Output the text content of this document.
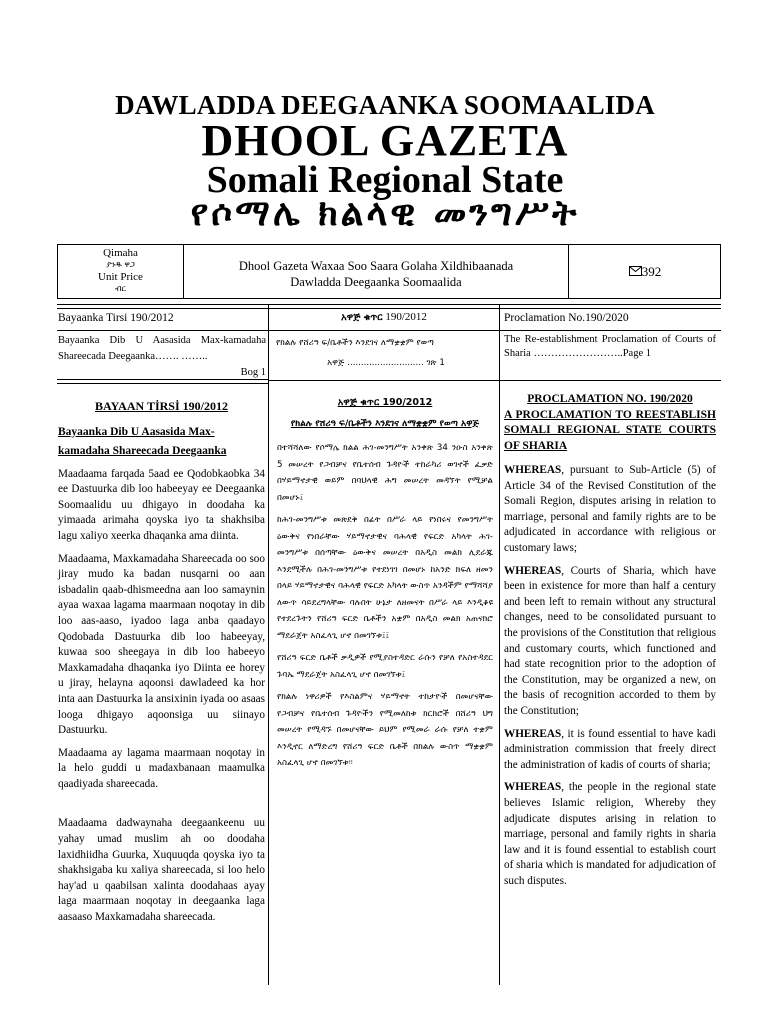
DAWLADDA DEEGAANKA SOOMAALIDA
DHOOL GAZETA
Somali Regional State
የሶማሌ ክልላዊ መንግሥት
Qimaha
ያንዱ ዋጋ
Unit Price
ብር
Dhool Gazeta Waxaa Soo Saara Golaha Xildhibaanada
Dawladda Deegaanka Soomaalida
392
Bayaanka Tirsi 190/2012
Bayaanka Dib U Aasasida Max-kamadaha Shareecada Deegaanka……. ……..
Bog 1
አዋጅ ቁጥር 190/2012
የክልሉ የሸሪዓ ፍ/ቤቶችን እንደገና ለማቋቋም የወጣ
አዋጅ ............................ ገጽ 1
Proclamation No.190/2020
The Re-establishment Proclamation of Courts of Sharia ……………………..Page 1

BAYAAN TİRSİ 190/2012

Bayaanka Dib U Aasasida Max-kamadaha Shareecada Deegaanka

Maadaama farqada 5aad ee Qodobkaobka 34 ee Dastuurka dib loo habeeyay ee Deegaanka Soomaalidu uu dhigayo in doodaha ka yimaada arimaha qoyska iyo ta shakhsiba lagu xaliyo xeerka dhaqanka ama diinta.

Maadaama, Maxkamadaha Shareecada oo soo jiray mudo ka badan nusqarni oo aan isbadalin qaab-dhismeedna aan loo samaynin ayaa waxaa lagama maarmaan noqotay in dib loo aas-aaso, iyadoo laga anba qaadayo Qodobada Dastuurka dib loo habeeyay, kuwaa soo sheegaya in dib loo habeeyo Maxkamadaha dhaqanka iyo Diinta ee horey u jiray, helayna aqoonsi dawladeed ka hor inta aan Dastuurka la ansixinin iyada oo asaas looga dhigayo aqoonsiga uu siinayo Dastuurku.

Maadaama ay lagama maarmaan noqotay in la helo guddi u madaxbanaan maamulka qaadiyada shareecada.

Maadaama dadwaynaha deegaankeenu uu yahay umad muslim ah oo doodaha laxidhiidha Guurka, Xuquuqda qoyska iyo ta shakhsigaba ku xaliya shareecada, si loo helo hay'ad u qaabilsan xalinta doodahaas ayay laga maarmaan noqotay in deegaanka laga aasaaso Maxkamadaha shareecada.

አዋጅ ቁጥር 190/2012

የክልሉ የሸሪዓ ፍ/ቤቶችን እንደገና ለማቋቋም የወጣ አዋጅ

በተሻሻለው የሶማሌ ክልል ሕገ-መንግሥት አንቀጽ 34 ንዑስ አንቀጽ 5 መሠረት የጋብቻና የቤተሰብ ጉዳዮች ተከራካሪ ወገኖች ፈቃድ በሃይማኖታዊ ወይም በባህላዊ ሕግ መሠረት መዳኘት የሚቻል በመሆኑ፤

ከሕገ-መንግሥቱ መጽደቅ በፊት በሥራ ላይ የነበሩና የመንግሥት ዕውቅና የነበራቸው ሃይማኖታዊና ባሕላዊ የፍርድ አካላት ሕገ-መንግሥቱ በሰጣቸው ዕውቅና መሠረት በአዲስ መልክ ሊደራጁ እንደሚችሉ በሕገ-መንግሥቱ የተደነገገ በመሆኑ ከአንድ ክፍለ ዘመን በላይ ሃይማኖታዊና ባሕላዊ የፍርድ አካላት ውስጥ አንዳችም የማሻሻያ ለውጥ ሳይደረግላቸው ባሉበት ሁኔታ ለዘመናት በሥራ ላይ እንዲቆዩ የተደረጉትን የሸሪዓ ፍርድ ቤቶችን አቋም በአዲስ መልክ አጠናክሮ ማደራጀት አስፈላጊ ሆኖ በመገኘቱ፤፤

የሸሪዓ ፍርድ ቤቶች ቃዲዎች የሚያስተዳድር ራሱን የቻለ የአስተዳደር ጉባኤ ማደራጀት አስፈላጊ ሆኖ በመገኘቱ፤

የክልሉ ነዋሪዎች የእስልምና ሃይማኖት ተከታዮች በመሆናቸው የጋብቻና የቤተሰብ ጉዳዮችን የሚመለከቱ ክርክሮች በሸሪዓ ህግ መሠረት የሚዳኙ በመሆናቸው ይህም የሚመራ ራሱ የቻለ ተቋም እንዲኖር ለማድረግ የሸሪዓ ፍርድ ቤቶች በክልሉ ውስጥ ማቋቋም አስፈላጊ ሆኖ በመገኘቱ፡፡

PROCLAMATION NO. 190/2020

A PROCLAMATION TO REESTABLISH SOMALI REGIONAL STATE COURTS OF SHARIA

WHEREAS, pursuant to Sub-Article (5) of Article 34 of the Revised Constitution of the Somali Region, disputes arising in relation to marriage, personal and family rights are to be adjudicated in accordance with religious or customary laws;

WHEREAS, Courts of Sharia, which have been in existence for more than half a century and been left to remain without any structural changes, need to be consolidated pursuant to the provisions of the Constitution that religious and customary courts, which functioned and had state recognition prior to the adoption of the Constitution, may be organized a new, on the basis of recognition accorded to them by the Constitution;

WHEREAS, it is found essential to have kadi administration commission that freely direct the administration of kadis of courts of sharia;

WHEREAS, the people in the regional state believes Islamic religion, Whereby they adjudicate disputes arising in relation to marriage, personal and family rights in sharia law and it is found essential to establish court of sharia which is mandated for adjudication of such disputes.
